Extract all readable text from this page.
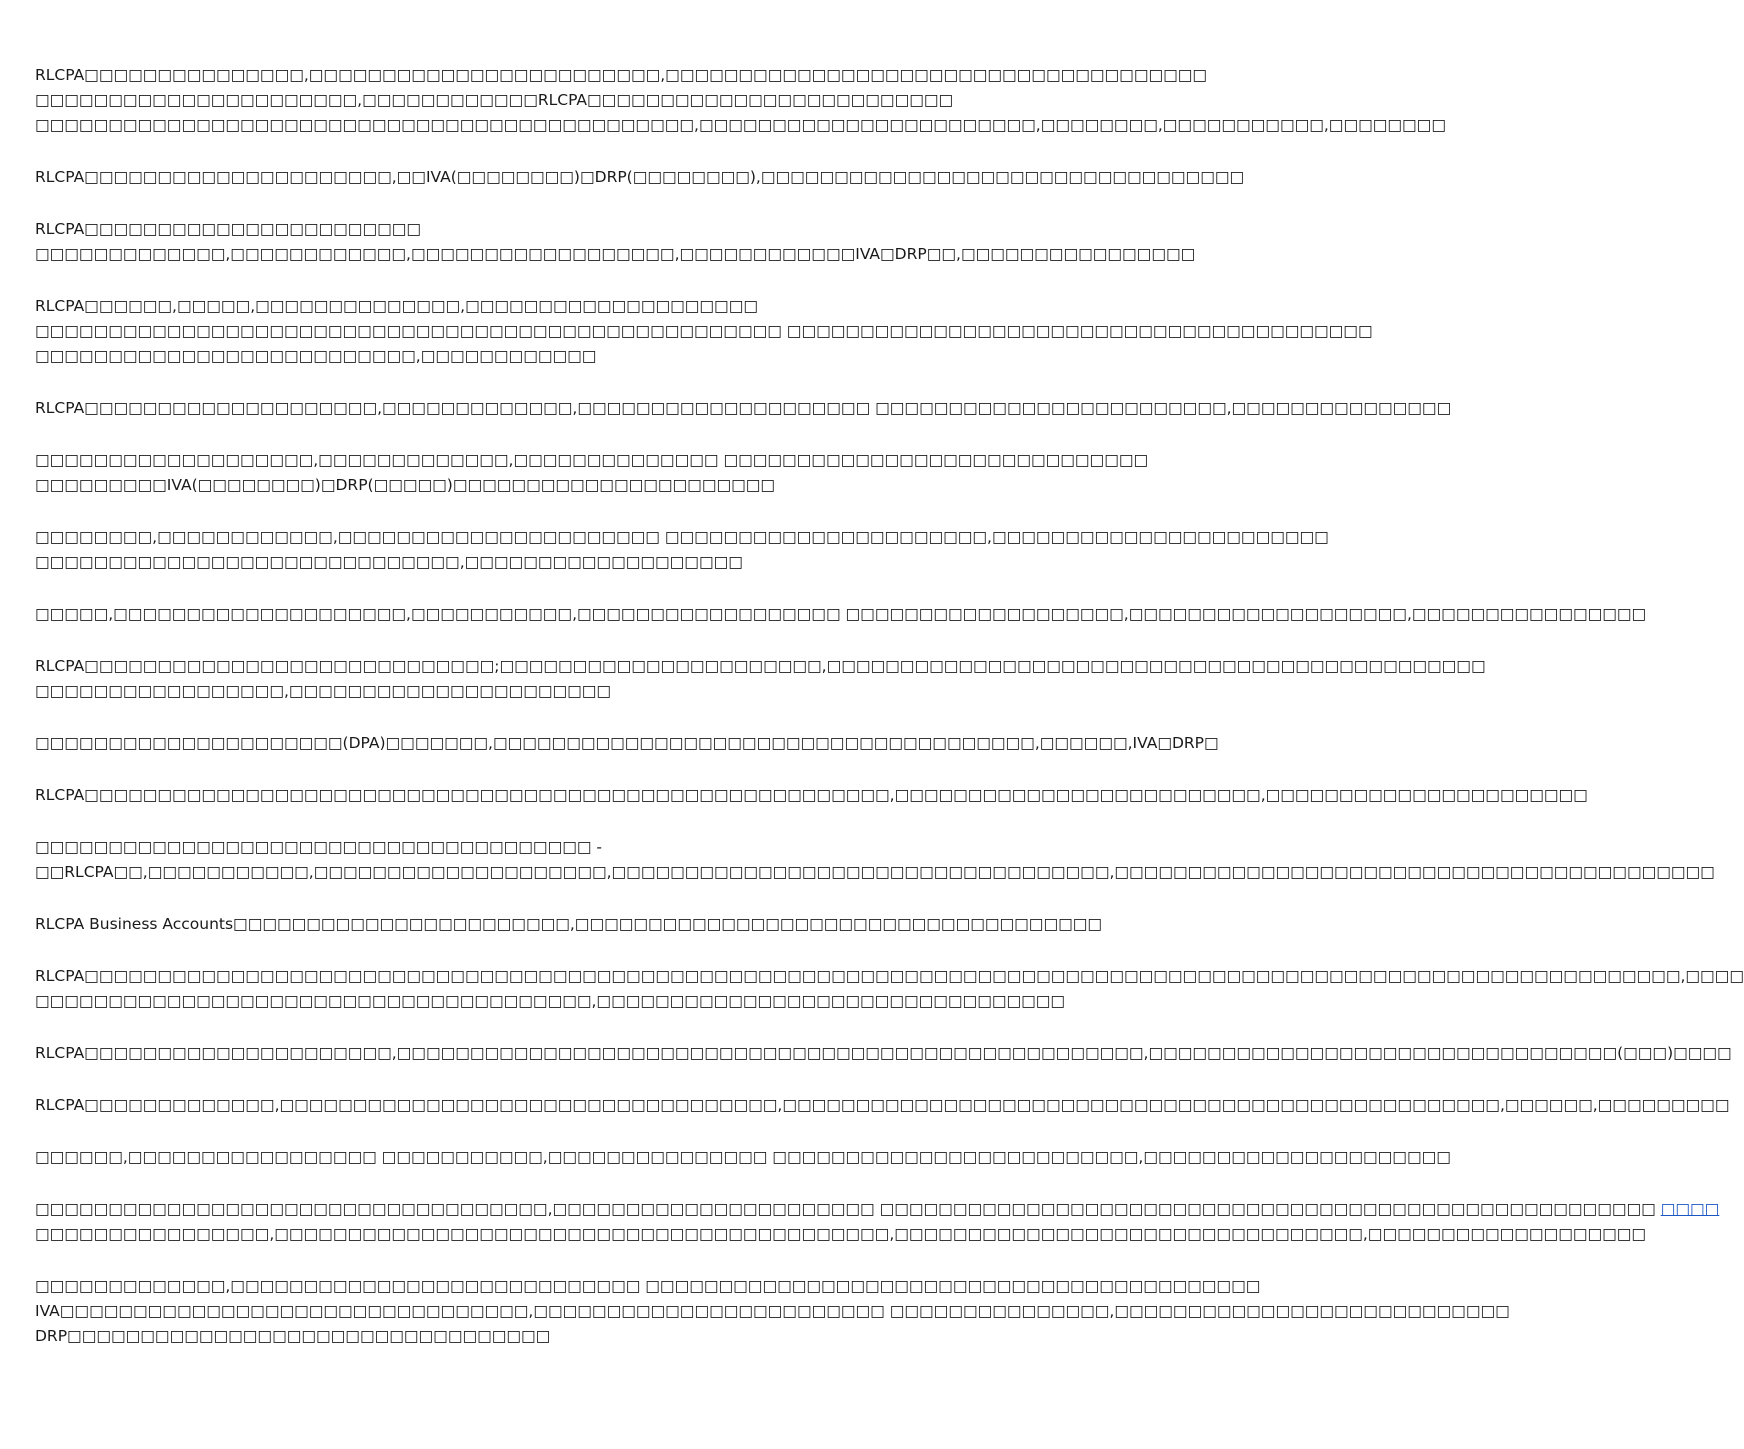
RLCPA□□□□□□□□□□□□□□□,□□□□□□□□□□□□□□□□□□□□□□□□,□□□□□□□□□□□□□□□□□□□□□□□□□□□□□□□□□□□□□
□□□□□□□□□□□□□□□□□□□□□□,□□□□□□□□□□□□RLCPA□□□□□□□□□□□□□□□□□□□□□□□□□
□□□□□□□□□□□□□□□□□□□□□□□□□□□□□□□□□□□□□□□□□□□□□,□□□□□□□□□□□□□□□□□□□□□□□,□□□□□□□□,□□□□□□□□□□□,□□□□□□□□
RLCPA□□□□□□□□□□□□□□□□□□□□□,□□IVA(□□□□□□□□)□DRP(□□□□□□□□),□□□□□□□□□□□□□□□□□□□□□□□□□□□□□□□□□
RLCPA□□□□□□□□□□□□□□□□□□□□□□□
□□□□□□□□□□□□□,□□□□□□□□□□□□,□□□□□□□□□□□□□□□□□□,□□□□□□□□□□□□IVA□DRP□□,□□□□□□□□□□□□□□□□
RLCPA□□□□□□,□□□□□,□□□□□□□□□□□□□□,□□□□□□□□□□□□□□□□□□□□
□□□□□□□□□□□□□□□□□□□□□□□□□□□□□□□□□□□□□□□□□□□□□□□□□□□ □□□□□□□□□□□□□□□□□□□□□□□□□□□□□□□□□□□□□□□□
□□□□□□□□□□□□□□□□□□□□□□□□□□,□□□□□□□□□□□□
RLCPA□□□□□□□□□□□□□□□□□□□□,□□□□□□□□□□□□□,□□□□□□□□□□□□□□□□□□□□ □□□□□□□□□□□□□□□□□□□□□□□□,□□□□□□□□□□□□□□□
□□□□□□□□□□□□□□□□□□□,□□□□□□□□□□□□□,□□□□□□□□□□□□□□ □□□□□□□□□□□□□□□□□□□□□□□□□□□□□
□□□□□□□□□IVA(□□□□□□□□)□DRP(□□□□□)□□□□□□□□□□□□□□□□□□□□□□
□□□□□□□□,□□□□□□□□□□□□,□□□□□□□□□□□□□□□□□□□□□□ □□□□□□□□□□□□□□□□□□□□□□,□□□□□□□□□□□□□□□□□□□□□□□
□□□□□□□□□□□□□□□□□□□□□□□□□□□□□,□□□□□□□□□□□□□□□□□□□
□□□□□,□□□□□□□□□□□□□□□□□□□□,□□□□□□□□□□□,□□□□□□□□□□□□□□□□□□ □□□□□□□□□□□□□□□□□□□,□□□□□□□□□□□□□□□□□□□,□□□□□□□□□□□□□□□□
RLCPA□□□□□□□□□□□□□□□□□□□□□□□□□□□□;□□□□□□□□□□□□□□□□□□□□□□,□□□□□□□□□□□□□□□□□□□□□□□□□□□□□□□□□□□□□□□□□□□□□
□□□□□□□□□□□□□□□□□,□□□□□□□□□□□□□□□□□□□□□□
□□□□□□□□□□□□□□□□□□□□□(DPA)□□□□□□□,□□□□□□□□□□□□□□□□□□□□□□□□□□□□□□□□□□□□□,□□□□□□,IVA□DRP□
RLCPA□□□□□□□□□□□□□□□□□□□□□□□□□□□□□□□□□□□□□□□□□□□□□□□□□□□□□□□,□□□□□□□□□□□□□□□□□□□□□□□□□,□□□□□□□□□□□□□□□□□□□□□□
□□□□□□□□□□□□□□□□□□□□□□□□□□□□□□□□□□□□□□ -
□□RLCPA□□,□□□□□□□□□□□,□□□□□□□□□□□□□□□□□□□□,□□□□□□□□□□□□□□□□□□□□□□□□□□□□□□□□□□,□□□□□□□□□□□□□□□□□□□□□□□□□□□□□□□□□□□□□□□□□
RLCPA Business Accounts□□□□□□□□□□□□□□□□□□□□□□□,□□□□□□□□□□□□□□□□□□□□□□□□□□□□□□□□□□□□
RLCPA□□□□□□□□□□□□□□□□□□□□□□□□□□□□□□□□□□□□□□□□□□□□□□□□□□□□□□□□□□□□□□□□□□□□□□□□□□□□□□□□□□□□□□□□□□□□□□□□□□□□□□□□□□□□□,□□□□
□□□□□□□□□□□□□□□□□□□□□□□□□□□□□□□□□□□□□□,□□□□□□□□□□□□□□□□□□□□□□□□□□□□□□□□
RLCPA□□□□□□□□□□□□□□□□□□□□□,□□□□□□□□□□□□□□□□□□□□□□□□□□□□□□□□□□□□□□□□□□□□□□□□□□□,□□□□□□□□□□□□□□□□□□□□□□□□□□□□□□□□(□□□)□□□□
RLCPA□□□□□□□□□□□□□,□□□□□□□□□□□□□□□□□□□□□□□□□□□□□□□□□□,□□□□□□□□□□□□□□□□□□□□□□□□□□□□□□□□□□□□□□□□□□□□□□□□□,□□□□□□,□□□□□□□□□
□□□□□□,□□□□□□□□□□□□□□□□□ □□□□□□□□□□□,□□□□□□□□□□□□□□□ □□□□□□□□□□□□□□□□□□□□□□□□□,□□□□□□□□□□□□□□□□□□□□□
□□□□□□□□□□□□□□□□□□□□□□□□□□□□□□□□□□□,□□□□□□□□□□□□□□□□□□□□□□ □□□□□□□□□□□□□□□□□□□□□□□□□□□□□□□□□□□□□□□□□□□□□□□□□□□□□ □□□□
□□□□□□□□□□□□□□□□,□□□□□□□□□□□□□□□□□□□□□□□□□□□□□□□□□□□□□□□□□□,□□□□□□□□□□□□□□□□□□□□□□□□□□□□□□□□,□□□□□□□□□□□□□□□□□□□
□□□□□□□□□□□□□,□□□□□□□□□□□□□□□□□□□□□□□□□□□□ □□□□□□□□□□□□□□□□□□□□□□□□□□□□□□□□□□□□□□□□□□
IVA□□□□□□□□□□□□□□□□□□□□□□□□□□□□□□□□,□□□□□□□□□□□□□□□□□□□□□□□□ □□□□□□□□□□□□□□□,□□□□□□□□□□□□□□□□□□□□□□□□□□□
DRP□□□□□□□□□□□□□□□□□□□□□□□□□□□□□□□□□
